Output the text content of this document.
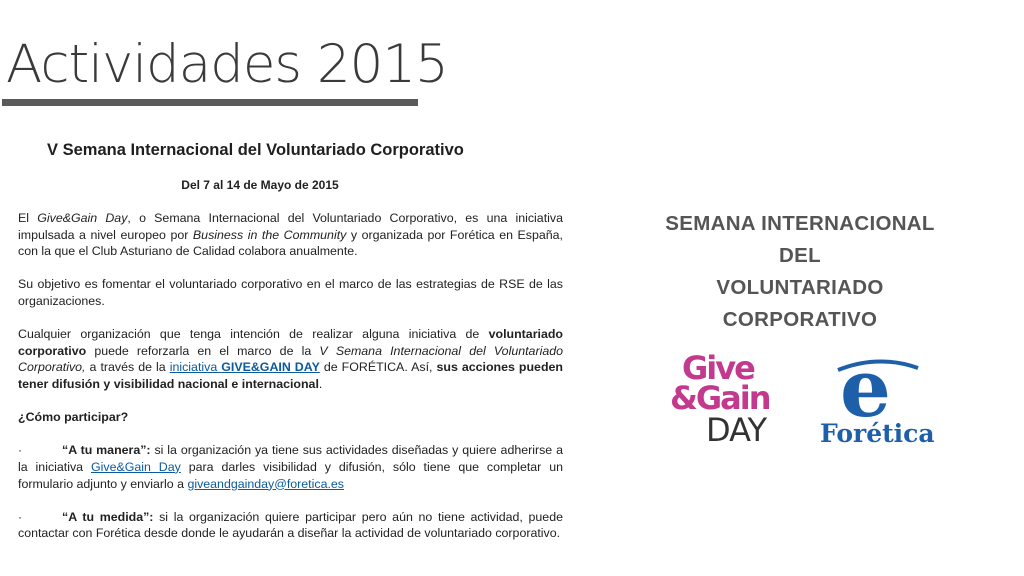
Actividades 2015
V Semana Internacional del Voluntariado Corporativo
Del 7 al 14 de Mayo de 2015

El Give&Gain Day, o Semana Internacional del Voluntariado Corporativo, es una iniciativa impulsada a nivel europeo por Business in the Community y organizada por Forética en España, con la que el Club Asturiano de Calidad colabora anualmente.

Su objetivo es fomentar el voluntariado corporativo en el marco de las estrategias de RSE de las organizaciones.

Cualquier organización que tenga intención de realizar alguna iniciativa de voluntariado corporativo puede reforzarla en el marco de la V Semana Internacional del Voluntariado Corporativo, a través de la iniciativa GIVE&GAIN DAY de FORÉTICA. Así, sus acciones pueden tener difusión y visibilidad nacional e internacional.

¿Cómo participar?

·	“A tu manera”: si la organización ya tiene sus actividades diseñadas y quiere adherirse a la iniciativa Give&Gain Day para darles visibilidad y difusión, sólo tiene que completar un formulario adjunto y enviarlo a giveandgainday@foretica.es

·	“A tu medida”: si la organización quiere participar pero aún no tiene actividad, puede contactar con Forética desde donde le ayudarán a diseñar la actividad de voluntariado corporativo.

SEMANA INTERNACIONAL
DEL
VOLUNTARIADO
CORPORATIVO
Give
&Gain
DAY e
Forética
